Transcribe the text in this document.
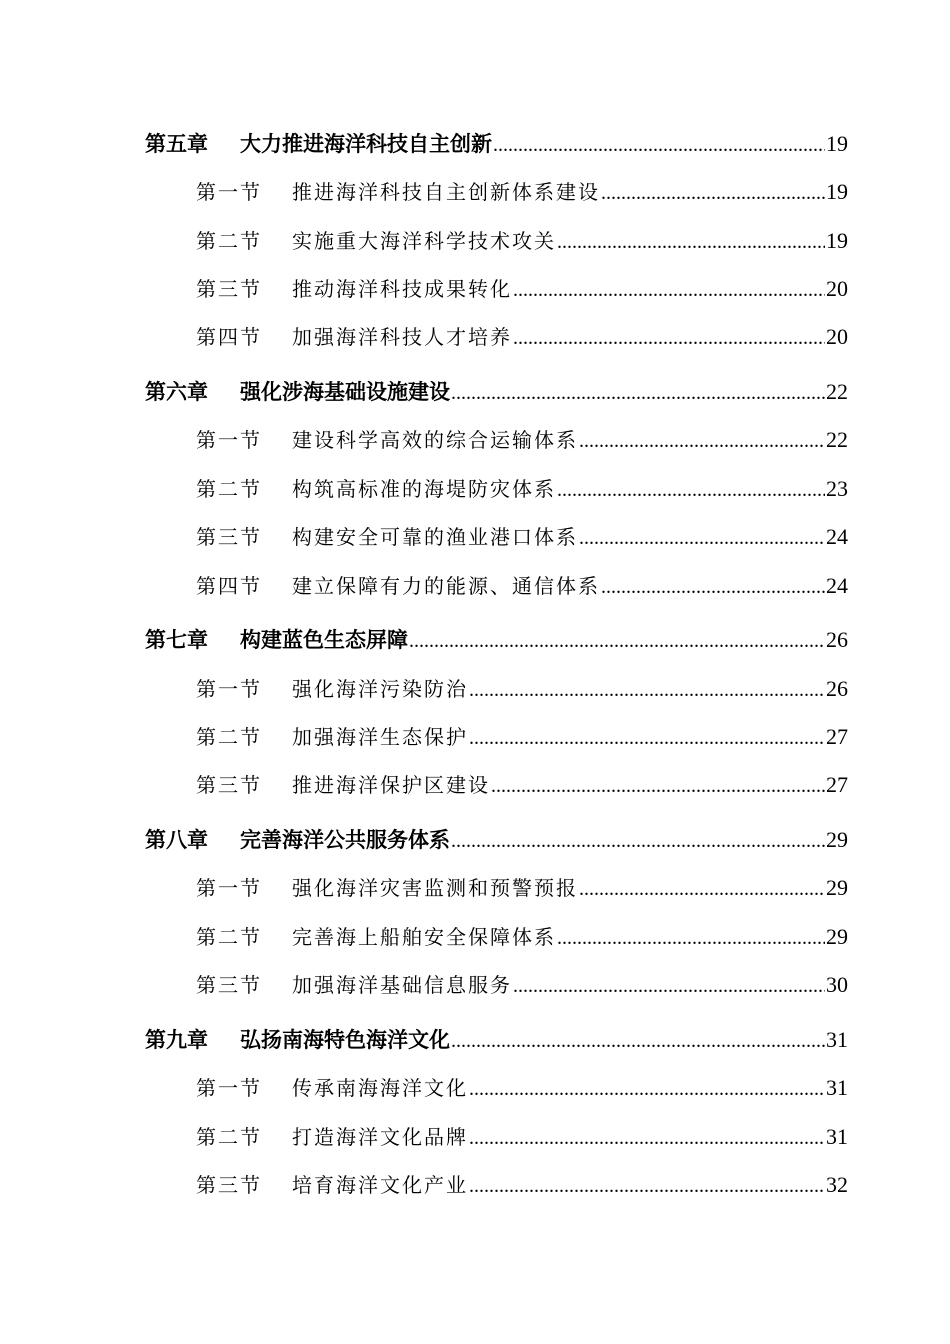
第五章	大力推进海洋科技自主创新 .....	19
第一节	推进海洋科技自主创新体系建设 .....	19
第二节	实施重大海洋科学技术攻关 .....	19
第三节	推动海洋科技成果转化 .....	20
第四节	加强海洋科技人才培养 .....	20
第六章	强化涉海基础设施建设 .....	22
第一节	建设科学高效的综合运输体系 .....	22
第二节	构筑高标准的海堤防灾体系 .....	23
第三节	构建安全可靠的渔业港口体系 .....	24
第四节	建立保障有力的能源、通信体系 .....	24
第七章	构建蓝色生态屏障 .....	26
第一节	强化海洋污染防治 .....	26
第二节	加强海洋生态保护 .....	27
第三节	推进海洋保护区建设 .....	27
第八章	完善海洋公共服务体系 .....	29
第一节	强化海洋灾害监测和预警预报 .....	29
第二节	完善海上船舶安全保障体系 .....	29
第三节	加强海洋基础信息服务 .....	30
第九章	弘扬南海特色海洋文化 .....	31
第一节	传承南海海洋文化 .....	31
第二节	打造海洋文化品牌 .....	31
第三节	培育海洋文化产业 .....	32
